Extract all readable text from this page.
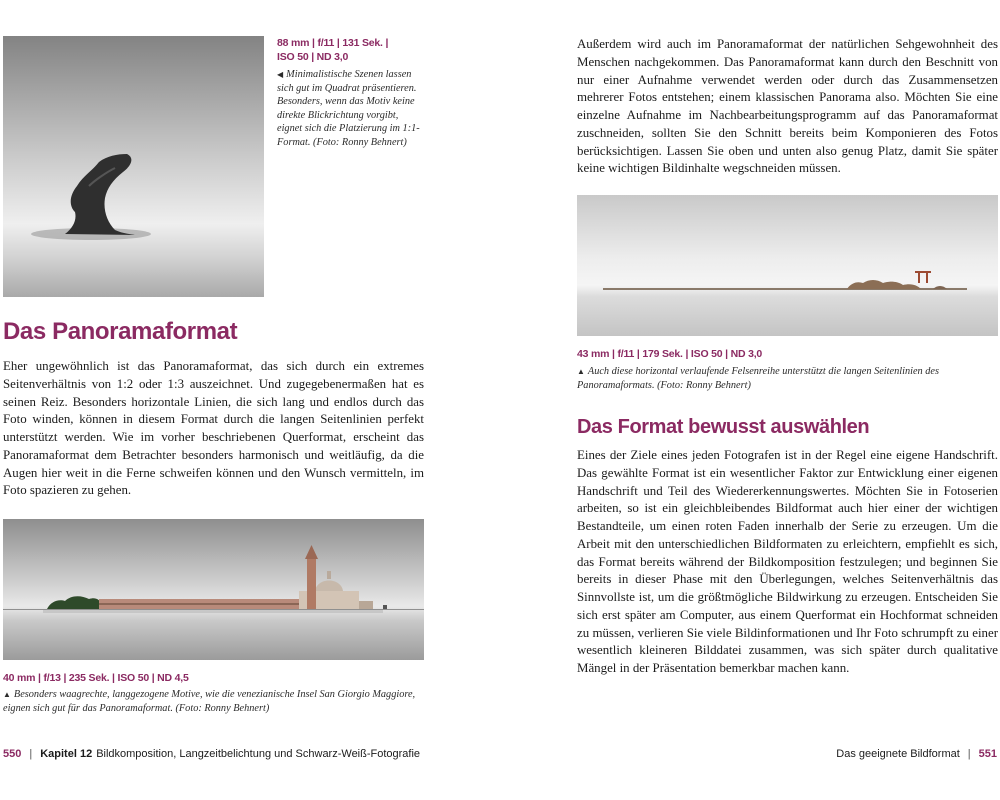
88 mm | f/11 | 131 Sek. |
ISO 50 | ND 3,0

◀ Minimalistische Szenen lassen sich gut im Quadrat präsentieren. Besonders, wenn das Motiv keine direkte Blickrichtung vorgibt, eignet sich die Platzierung im 1:1-Format. (Foto: Ronny Behnert)

Das Panoramaformat

Eher ungewöhnlich ist das Panoramaformat, das sich durch ein extremes Seitenverhältnis von 1:2 oder 1:3 auszeichnet. Und zugegebenermaßen hat es seinen Reiz. Besonders horizontale Linien, die sich lang und endlos durch das Foto winden, können in diesem Format durch die langen Seitenlinien perfekt unterstützt werden. Wie im vorher beschriebenen Querformat, erscheint das Panoramaformat dem Betrachter besonders harmonisch und weitläufig, da die Augen hier weit in die Ferne schweifen können und den Wunsch vermitteln, im Foto spazieren zu gehen.

40 mm | f/13 | 235 Sek. | ISO 50 | ND 4,5

▲ Besonders waagrechte, langgezogene Motive, wie die venezianische Insel San Giorgio Maggiore, eignen sich gut für das Panoramaformat. (Foto: Ronny Behnert)

550 | Kapitel 12 Bildkomposition, Langzeitbelichtung und Schwarz-Weiß-Fotografie

Außerdem wird auch im Panoramaformat der natürlichen Sehgewohnheit des Menschen nachgekommen. Das Panoramaformat kann durch den Beschnitt von nur einer Aufnahme verwendet werden oder durch das Zusammensetzen mehrerer Fotos entstehen; einem klassischen Panorama also. Möchten Sie eine einzelne Aufnahme im Nachbearbeitungsprogramm auf das Panoramaformat zuschneiden, sollten Sie den Schnitt bereits beim Komponieren des Fotos berücksichtigen. Lassen Sie oben und unten also genug Platz, damit Sie später keine wichtigen Bildinhalte wegschneiden müssen.

43 mm | f/11 | 179 Sek. | ISO 50 | ND 3,0

▲ Auch diese horizontal verlaufende Felsenreihe unterstützt die langen Seitenlinien des Panoramaformats. (Foto: Ronny Behnert)

Das Format bewusst auswählen

Eines der Ziele eines jeden Fotografen ist in der Regel eine eigene Handschrift. Das gewählte Format ist ein wesentlicher Faktor zur Entwicklung einer eigenen Handschrift und Teil des Wiedererkennungswertes. Möchten Sie in Fotoserien arbeiten, so ist ein gleichbleibendes Bildformat auch hier einer der wichtigen Bestandteile, um einen roten Faden innerhalb der Serie zu erzeugen. Um die Arbeit mit den unterschiedlichen Bildformaten zu erleichtern, empfiehlt es sich, das Format bereits während der Bildkomposition festzulegen; und beginnen Sie bereits in dieser Phase mit den Überlegungen, welches Seitenverhältnis das Sinnvollste ist, um die größtmögliche Bildwirkung zu erzeugen. Entscheiden Sie sich erst später am Computer, aus einem Querformat ein Hochformat schneiden zu müssen, verlieren Sie viele Bildinformationen und Ihr Foto schrumpft zu einer wesentlich kleineren Bilddatei zusammen, was sich später durch qualitative Mängel in der Präsentation bemerkbar machen kann.

Das geeignete Bildformat | 551
